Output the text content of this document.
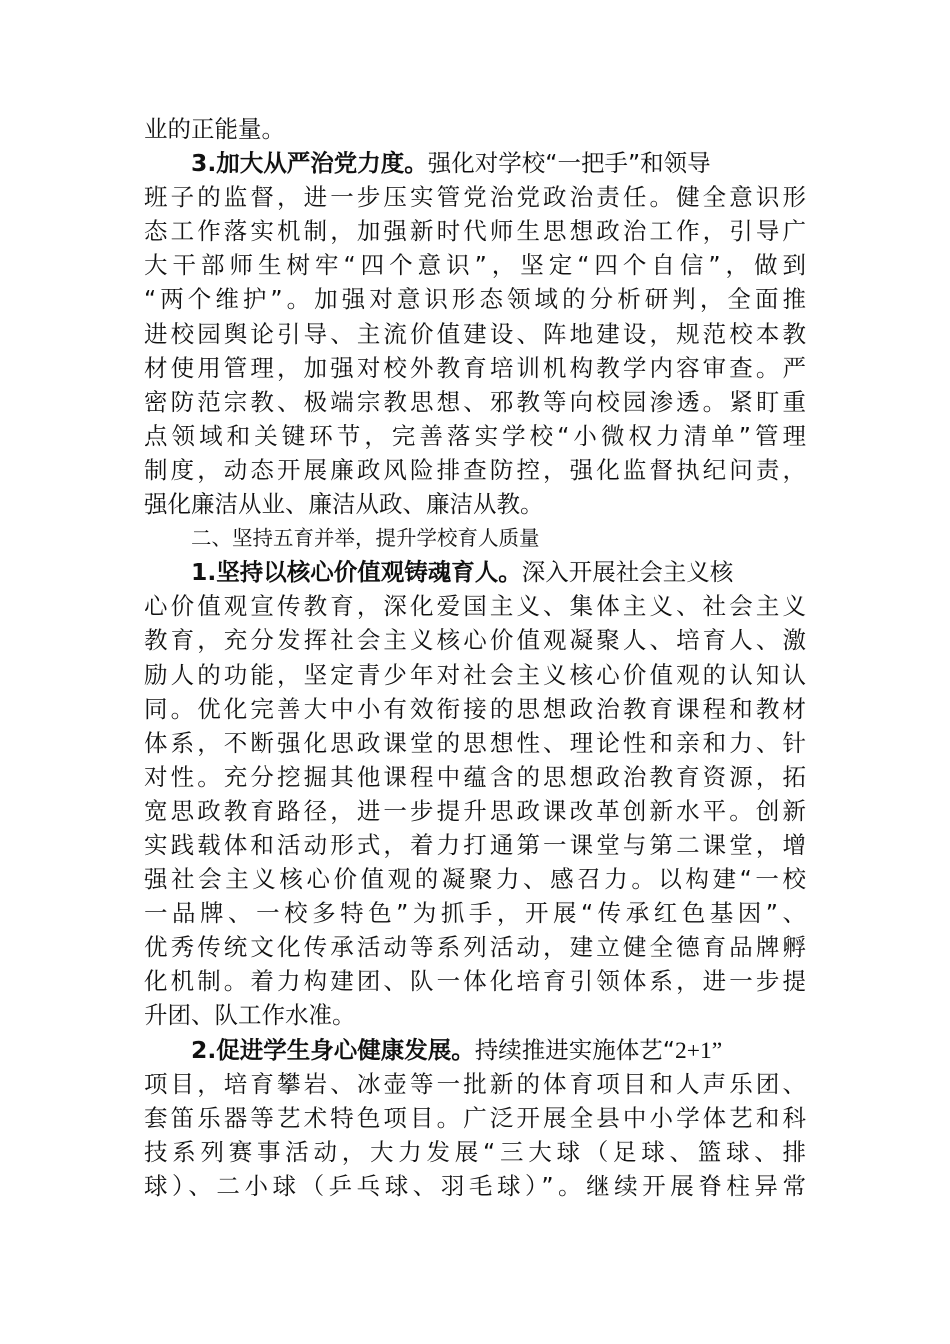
业的正能量。
3.加大从严治党力度。强化对学校“一把手”和领导
班子的监督，进一步压实管党治党政治责任。健全意识形
态工作落实机制，加强新时代师生思想政治工作，引导广
大干部师生树牢“四个意识”，坚定“四个自信”，做到
“两个维护”。加强对意识形态领域的分析研判，全面推
进校园舆论引导、主流价值建设、阵地建设，规范校本教
材使用管理，加强对校外教育培训机构教学内容审查。严
密防范宗教、极端宗教思想、邪教等向校园渗透。紧盯重
点领域和关键环节，完善落实学校“小微权力清单”管理
制度，动态开展廉政风险排查防控，强化监督执纪问责，
强化廉洁从业、廉洁从政、廉洁从教。
二、坚持五育并举，提升学校育人质量
1.坚持以核心价值观铸魂育人。深入开展社会主义核
心价值观宣传教育，深化爱国主义、集体主义、社会主义
教育，充分发挥社会主义核心价值观凝聚人、培育人、激
励人的功能，坚定青少年对社会主义核心价值观的认知认
同。优化完善大中小有效衔接的思想政治教育课程和教材
体系，不断强化思政课堂的思想性、理论性和亲和力、针
对性。充分挖掘其他课程中蕴含的思想政治教育资源，拓
宽思政教育路径，进一步提升思政课改革创新水平。创新
实践载体和活动形式，着力打通第一课堂与第二课堂，增
强社会主义核心价值观的凝聚力、感召力。以构建“一校
一品牌、一校多特色”为抓手，开展“传承红色基因”、
优秀传统文化传承活动等系列活动，建立健全德育品牌孵
化机制。着力构建团、队一体化培育引领体系，进一步提
升团、队工作水准。
2.促进学生身心健康发展。持续推进实施体艺“2+1”
项目，培育攀岩、冰壶等一批新的体育项目和人声乐团、
套笛乐器等艺术特色项目。广泛开展全县中小学体艺和科
技系列赛事活动，大力发展“三大球（足球、篮球、排
球）、二小球（乒乓球、羽毛球）”。继续开展脊柱异常
